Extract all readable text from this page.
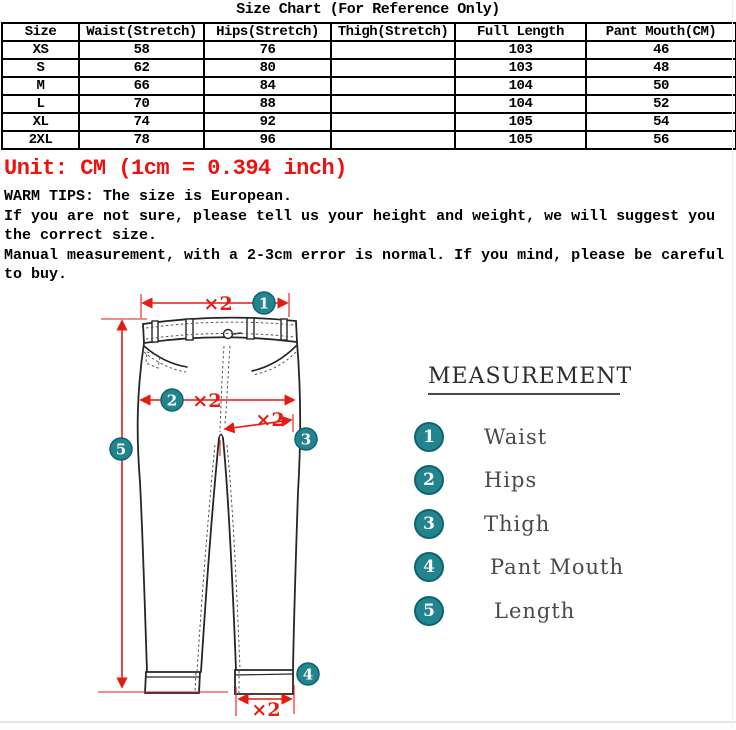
Size Chart (For Reference Only)
Size	Waist(Stretch)	Hips(Stretch)	Thigh(Stretch)	Full Length	Pant Mouth(CM)
XS	58	76		103	46
S	62	80		103	48
M	66	84		104	50
L	70	88		104	52
XL	74	92		105	54
2XL	78	96		105	56
Unit: CM (1cm = 0.394 inch)

WARM TIPS: The size is European.

If you are not sure, please tell us your height and weight, we will suggest you the correct size.

Manual measurement, with a 2-3cm error is normal. If you mind, please be careful to buy.

×2
×2
×2
×2
1
2
3
4
5
MEASUREMENT
1	Waist
2	Hips
3	Thigh
4	Pant Mouth
5	Length
